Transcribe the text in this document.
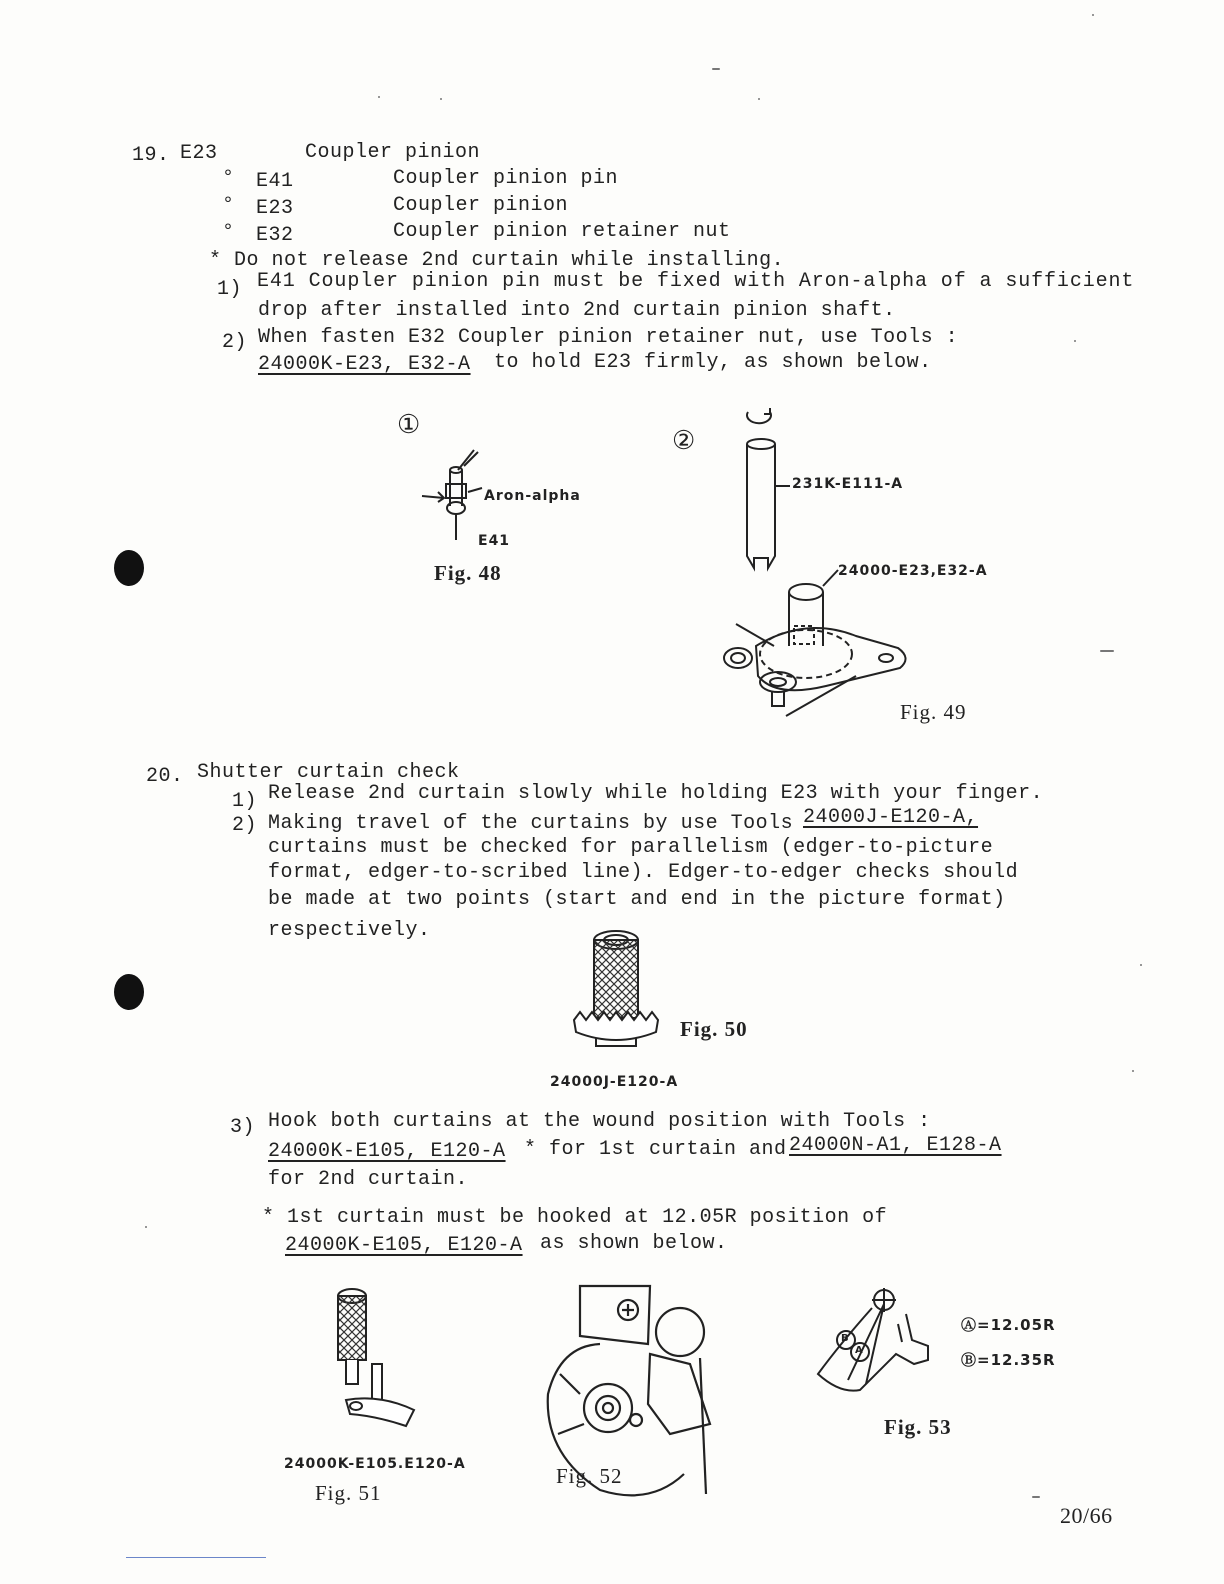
19. E23	Coupler pinion
° E41	Coupler pinion pin
° E23	Coupler pinion
° E32	Coupler pinion retainer nut
* Do not release 2nd curtain while installing.
1) E41 Coupler pinion pin must be fixed with Aron-alpha of a sufficient
drop after installed into 2nd curtain pinion shaft.
2) When fasten E32 Coupler pinion retainer nut, use Tools :
24000K-E23, E32-A to hold E23 firmly, as shown below.
①
Aron-alpha
E41
Fig. 48
②
231K-E111-A
24000-E23,E32-A
Fig. 49
20. Shutter curtain check
1) Release 2nd curtain slowly while holding E23 with your finger.
2) Making travel of the curtains by use Tools 24000J-E120-A,
curtains must be checked for parallelism (edger-to-picture
format, edger-to-scribed line). Edger-to-edger checks should
be made at two points (start and end in the picture format)
respectively.
Fig. 50
24000J-E120-A
3) Hook both curtains at the wound position with Tools :
24000K-E105, E120-A * for 1st curtain and 24000N-A1, E128-A
for 2nd curtain.
* 1st curtain must be hooked at 12.05R position of
24000K-E105, E120-A as shown below.
24000K-E105.E120-A
Fig. 51
Fig. 52
B
A
Ⓐ=12.05R
Ⓑ=12.35R
Fig. 53
20/66
